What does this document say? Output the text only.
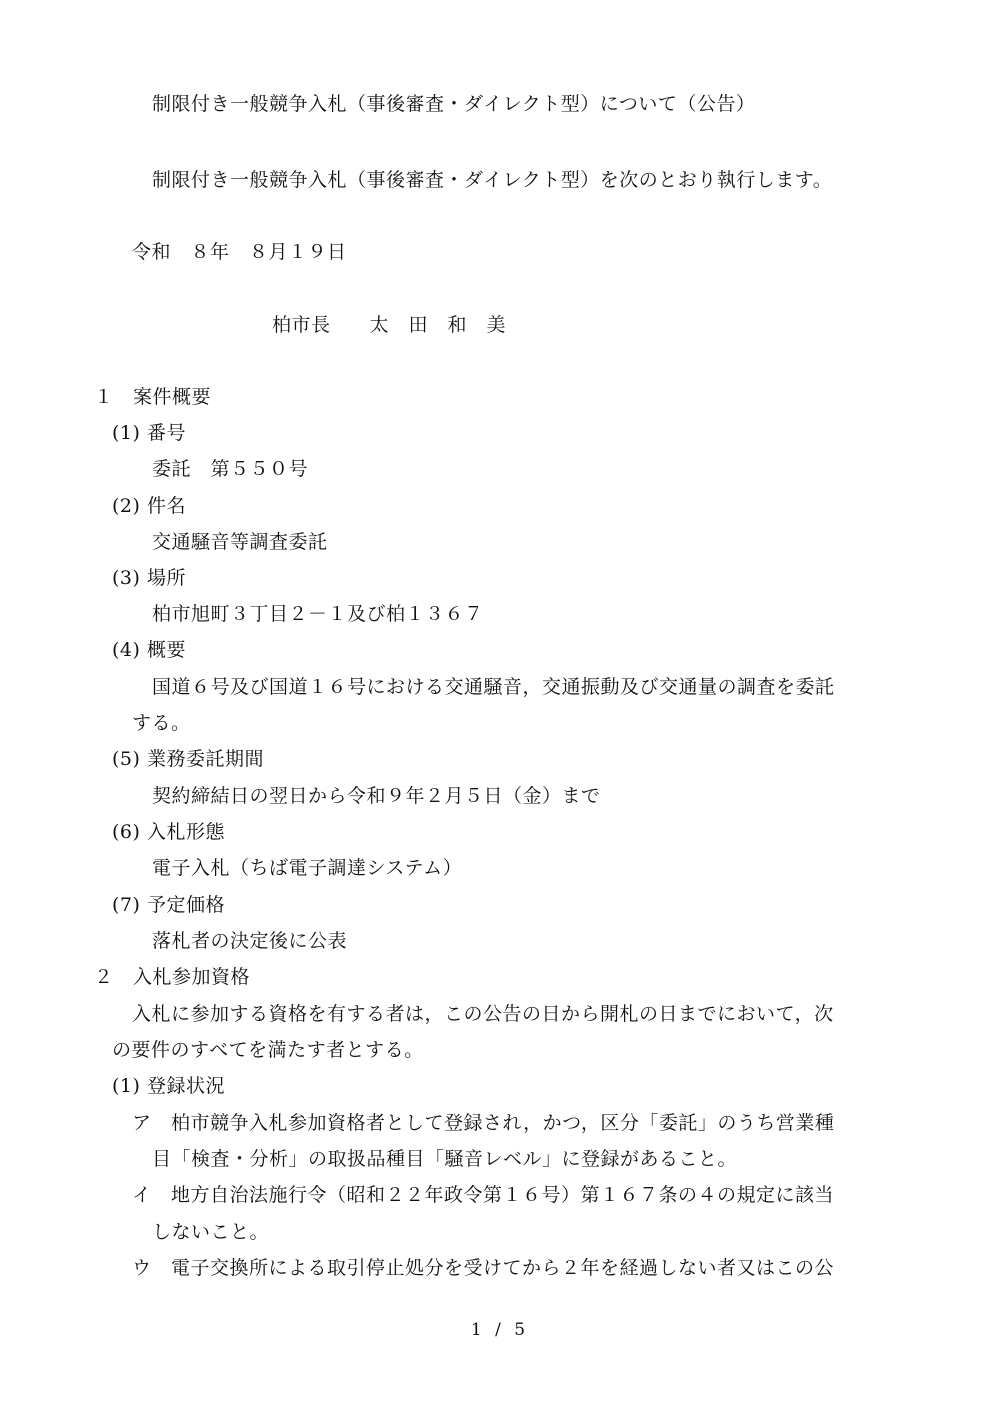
制限付き一般競争入札（事後審査・ダイレクト型）について（公告）
制限付き一般競争入札（事後審査・ダイレクト型）を次のとおり執行します。
令和　８年　８月１９日
柏市長　　太　田　和　美
１　案件概要
(1) 番号
委託　第５５０号
(2) 件名
交通騒音等調査委託
(3) 場所
柏市旭町３丁目２－１及び柏１３６７
(4) 概要
国道６号及び国道１６号における交通騒音，交通振動及び交通量の調査を委託
する。
(5) 業務委託期間
契約締結日の翌日から令和９年２月５日（金）まで
(6) 入札形態
電子入札（ちば電子調達システム）
(7) 予定価格
落札者の決定後に公表
２　入札参加資格
入札に参加する資格を有する者は，この公告の日から開札の日までにおいて，次
の要件のすべてを満たす者とする。
(1) 登録状況
ア　柏市競争入札参加資格者として登録され，かつ，区分「委託」のうち営業種
目「検査・分析」の取扱品種目「騒音レベル」に登録があること。
イ　地方自治法施行令（昭和２２年政令第１６号）第１６７条の４の規定に該当
しないこと。
ウ　電子交換所による取引停止処分を受けてから２年を経過しない者又はこの公
1 / 5
